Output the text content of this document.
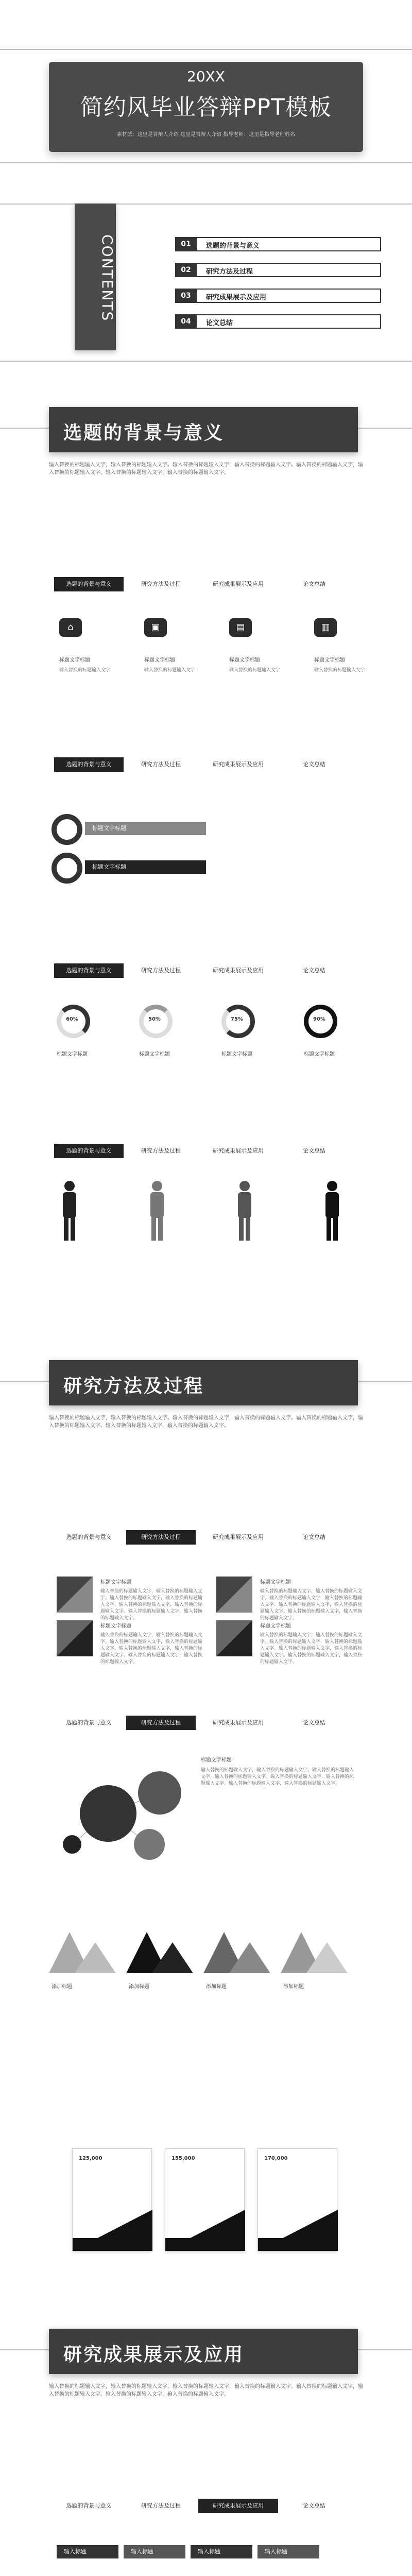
20XX
简约风毕业答辩PPT模板
素材派：这里是答辩人介绍 这里是答辩人介绍 指导老师：这里是指导老师姓名
CONTENTS	01	选题的背景与意义
02	研究方法及过程
03	研究成果展示及应用
04	论文总结
选题的背景与意义
输入替换的标题输入文字，输入替换的标题输入文字。输入替换的标题输入文字，输入替换的标题输入文字。输入替换的标题输入文字，输入替换的标题输入文字。输入替换的标题输入文字，输入替换的标题输入文字。
选题的背景与意义	研究方法及过程	研究成果展示及应用	论文总结
⌂	▣	▤	▥
标题文字标题	标题文字标题	标题文字标题	标题文字标题
输入替换的标题输入文字	输入替换的标题输入文字	输入替换的标题输入文字	输入替换的标题输入文字
选题的背景与意义	研究方法及过程	研究成果展示及应用	论文总结
标题文字标题
标题文字标题
选题的背景与意义	研究方法及过程	研究成果展示及应用	论文总结
60%	50%	75%	90%
标题文字标题	标题文字标题	标题文字标题	标题文字标题
选题的背景与意义	研究方法及过程	研究成果展示及应用	论文总结
研究方法及过程
输入替换的标题输入文字，输入替换的标题输入文字。输入替换的标题输入文字，输入替换的标题输入文字。输入替换的标题输入文字，输入替换的标题输入文字。输入替换的标题输入文字，输入替换的标题输入文字。
选题的背景与意义	研究方法及过程	研究成果展示及应用	论文总结
标题文字标题
输入替换的标题输入文字，输入替换的标题输入文字。输入替换的标题输入文字，输入替换的标题输入文字。输入替换的标题输入文字，输入替换的标题输入文字。输入替换的标题输入文字，输入替换的标题输入文字。
标题文字标题
输入替换的标题输入文字，输入替换的标题输入文字。输入替换的标题输入文字，输入替换的标题输入文字。输入替换的标题输入文字，输入替换的标题输入文字。输入替换的标题输入文字，输入替换的标题输入文字。
标题文字标题
输入替换的标题输入文字，输入替换的标题输入文字。输入替换的标题输入文字，输入替换的标题输入文字。输入替换的标题输入文字，输入替换的标题输入文字。输入替换的标题输入文字，输入替换的标题输入文字。
标题文字标题
输入替换的标题输入文字，输入替换的标题输入文字。输入替换的标题输入文字，输入替换的标题输入文字。输入替换的标题输入文字，输入替换的标题输入文字。输入替换的标题输入文字，输入替换的标题输入文字。
选题的背景与意义	研究方法及过程	研究成果展示及应用	论文总结
标题文字标题
输入替换的标题输入文字，输入替换的标题输入文字。输入替换的标题输入文字，输入替换的标题输入文字。输入替换的标题输入文字，输入替换的标题输入文字。输入替换的标题输入文字，输入替换的标题输入文字。
添加标题	添加标题	添加标题	添加标题
125,000	155,000	170,000
研究成果展示及应用
输入替换的标题输入文字，输入替换的标题输入文字。输入替换的标题输入文字，输入替换的标题输入文字。输入替换的标题输入文字，输入替换的标题输入文字。输入替换的标题输入文字，输入替换的标题输入文字。
选题的背景与意义	研究方法及过程	研究成果展示及应用	论文总结
输入标题	输入标题	输入标题	输入标题
